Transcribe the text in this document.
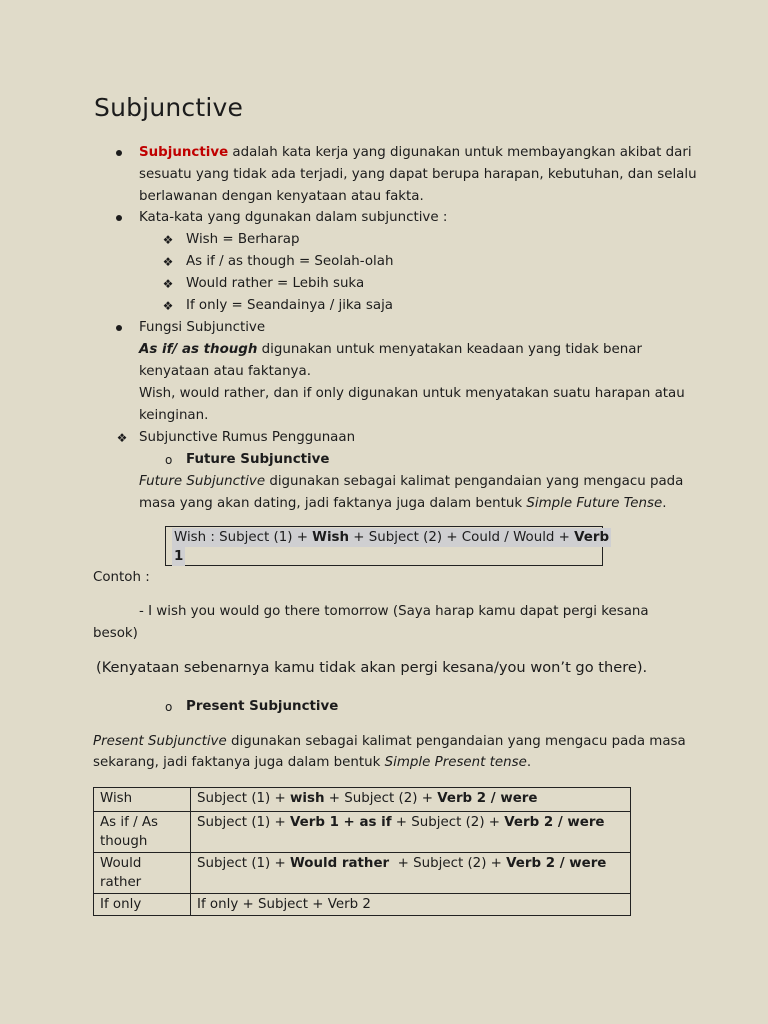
Subjunctive
Subjunctive adalah kata kerja yang digunakan untuk membayangkan akibat dari
sesuatu yang tidak ada terjadi, yang dapat berupa harapan, kebutuhan, dan selalu
berlawanan dengan kenyataan atau fakta.
Kata-kata yang dgunakan dalam subjunctive :
❖ Wish = Berharap
❖ As if / as though = Seolah-olah
❖ Would rather = Lebih suka
❖ If only = Seandainya / jika saja
Fungsi Subjunctive
As if/ as though digunakan untuk menyatakan keadaan yang tidak benar
kenyataan atau faktanya.
Wish, would rather, dan if only digunakan untuk menyatakan suatu harapan atau
keinginan.
❖ Subjunctive Rumus Penggunaan
o Future Subjunctive
Future Subjunctive digunakan sebagai kalimat pengandaian yang mengacu pada
masa yang akan dating, jadi faktanya juga dalam bentuk Simple Future Tense.
Wish : Subject (1) + Wish + Subject (2) + Could / Would + Verb
1
Contoh :
- I wish you would go there tomorrow (Saya harap kamu dapat pergi kesana
besok)
(Kenyataan sebenarnya kamu tidak akan pergi kesana/you won’t go there).
o Present Subjunctive
Present Subjunctive digunakan sebagai kalimat pengandaian yang mengacu pada masa
sekarang, jadi faktanya juga dalam bentuk Simple Present tense.
Wish	Subject (1) + wish + Subject (2) + Verb 2 / were
As if / As though	Subject (1) + Verb 1 + as if + Subject (2) + Verb 2 / were
Would rather	Subject (1) + Would rather  + Subject (2) + Verb 2 / were
If only	If only + Subject + Verb 2
